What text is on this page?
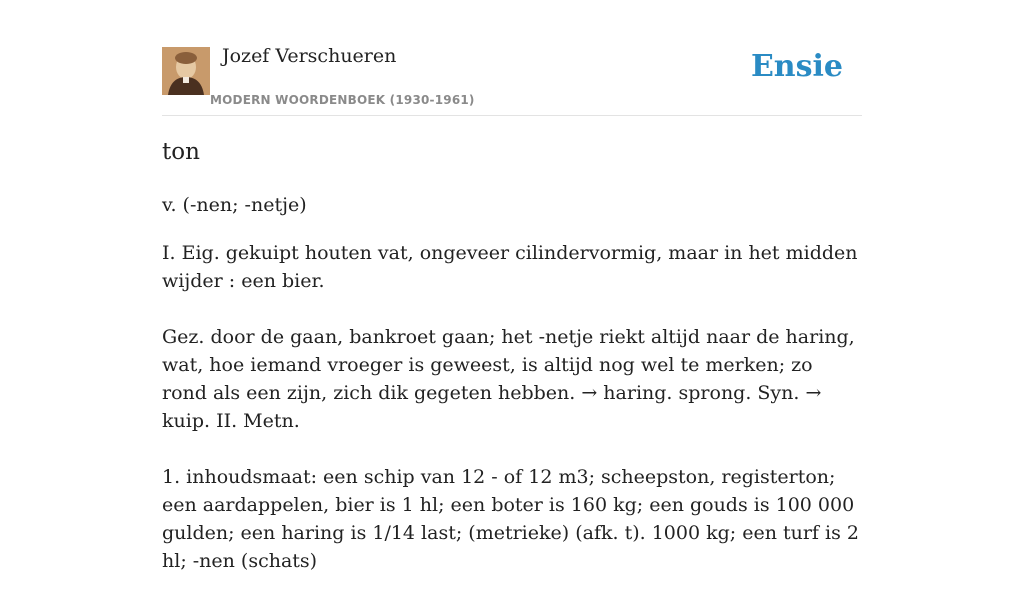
Jozef Verschueren
MODERN WOORDENBOEK (1930-1961)
Ensie
ton
v. (-nen; -netje)

I. Eig. gekuipt houten vat, ongeveer cilindervormig, maar in het midden wijder : een bier.

Gez. door de gaan, bankroet gaan; het -netje riekt altijd naar de haring, wat, hoe iemand vroeger is geweest, is altijd nog wel te merken; zo rond als een zijn, zich dik gegeten hebben. → haring. sprong. Syn. → kuip. II. Metn.

1. inhoudsmaat: een schip van 12 - of 12 m3; scheepston, registerton; een aardappelen, bier is 1 hl; een boter is 160 kg; een gouds is 100 000 gulden; een haring is 1/14 last; (metrieke) (afk. t). 1000 kg; een turf is 2 hl; -nen (schats)
